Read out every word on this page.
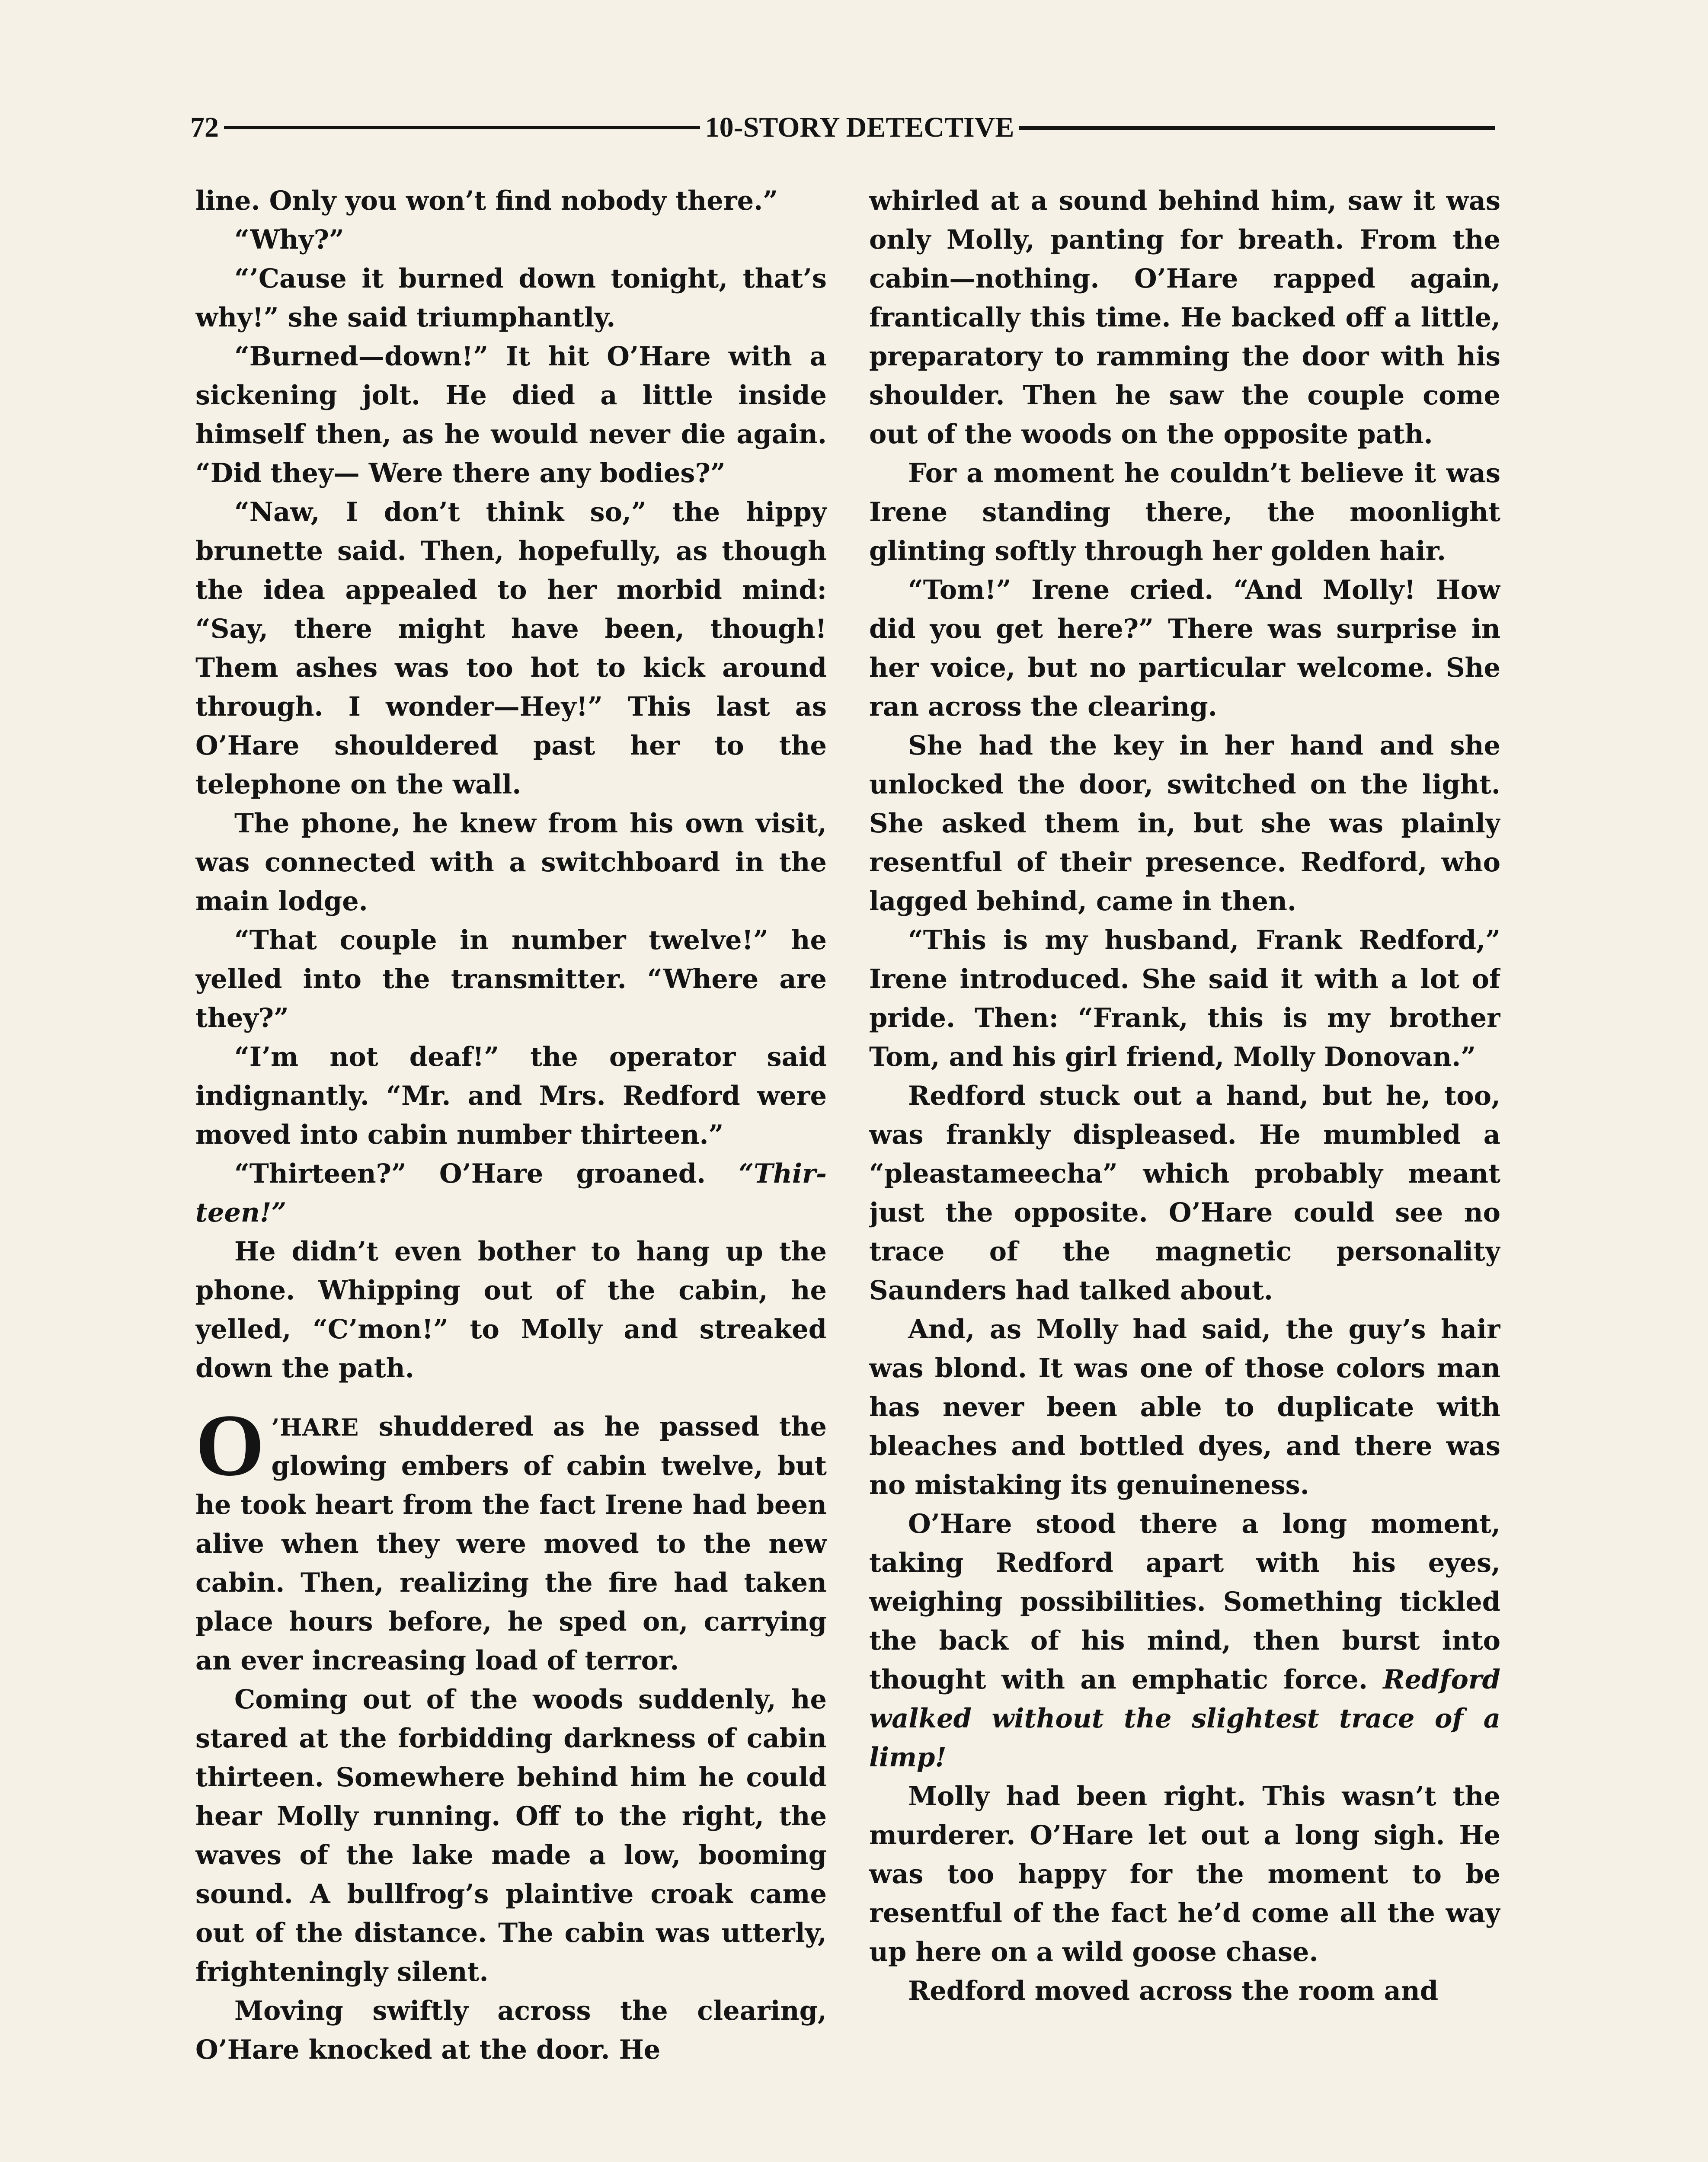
72	10-STORY DETECTIVE

line. Only you won’t find nobody there.”

“Why?”

“’Cause it burned down tonight, that’s why!” she said triumphantly.

“Burned—down!” It hit O’Hare with a sickening jolt. He died a little inside himself then, as he would never die again. “Did they— Were there any bodies?”

“Naw, I don’t think so,” the hippy brunette said. Then, hopefully, as though the idea appealed to her morbid mind: “Say, there might have been, though! Them ashes was too hot to kick around through. I wonder—Hey!” This last as O’Hare shouldered past her to the telephone on the wall.

The phone, he knew from his own visit, was connected with a switchboard in the main lodge.

“That couple in number twelve!” he yelled into the transmitter. “Where are they?”

“I’m not deaf!” the operator said indignantly. “Mr. and Mrs. Redford were moved into cabin number thirteen.”

“Thirteen?” O’Hare groaned. “Thirteen!”

He didn’t even bother to hang up the phone. Whipping out of the cabin, he yelled, “C’mon!” to Molly and streaked down the path.

O ’HARE shuddered as he passed the glowing embers of cabin twelve, but he took heart from the fact Irene had been alive when they were moved to the new cabin. Then, realizing the fire had taken place hours before, he sped on, carrying an ever increasing load of terror.

Coming out of the woods suddenly, he stared at the forbidding darkness of cabin thirteen. Somewhere behind him he could hear Molly running. Off to the right, the waves of the lake made a low, booming sound. A bullfrog’s plaintive croak came out of the distance. The cabin was utterly, frighteningly silent.

Moving swiftly across the clearing, O’Hare knocked at the door. He

whirled at a sound behind him, saw it was only Molly, panting for breath. From the cabin—nothing. O’Hare rapped again, frantically this time. He backed off a little, preparatory to ramming the door with his shoulder. Then he saw the couple come out of the woods on the opposite path.

For a moment he couldn’t believe it was Irene standing there, the moonlight glinting softly through her golden hair.

“Tom!” Irene cried. “And Molly! How did you get here?” There was surprise in her voice, but no particular welcome. She ran across the clearing.

She had the key in her hand and she unlocked the door, switched on the light. She asked them in, but she was plainly resentful of their presence. Redford, who lagged behind, came in then.

“This is my husband, Frank Redford,” Irene introduced. She said it with a lot of pride. Then: “Frank, this is my brother Tom, and his girl friend, Molly Donovan.”

Redford stuck out a hand, but he, too, was frankly displeased. He mumbled a “pleastameecha” which probably meant just the opposite. O’Hare could see no trace of the magnetic personality Saunders had talked about.

And, as Molly had said, the guy’s hair was blond. It was one of those colors man has never been able to duplicate with bleaches and bottled dyes, and there was no mistaking its genuineness.

O’Hare stood there a long moment, taking Redford apart with his eyes, weighing possibilities. Something tickled the back of his mind, then burst into thought with an emphatic force. Redford walked without the slightest trace of a limp!

Molly had been right. This wasn’t the murderer. O’Hare let out a long sigh. He was too happy for the moment to be resentful of the fact he’d come all the way up here on a wild goose chase.

Redford moved across the room and
